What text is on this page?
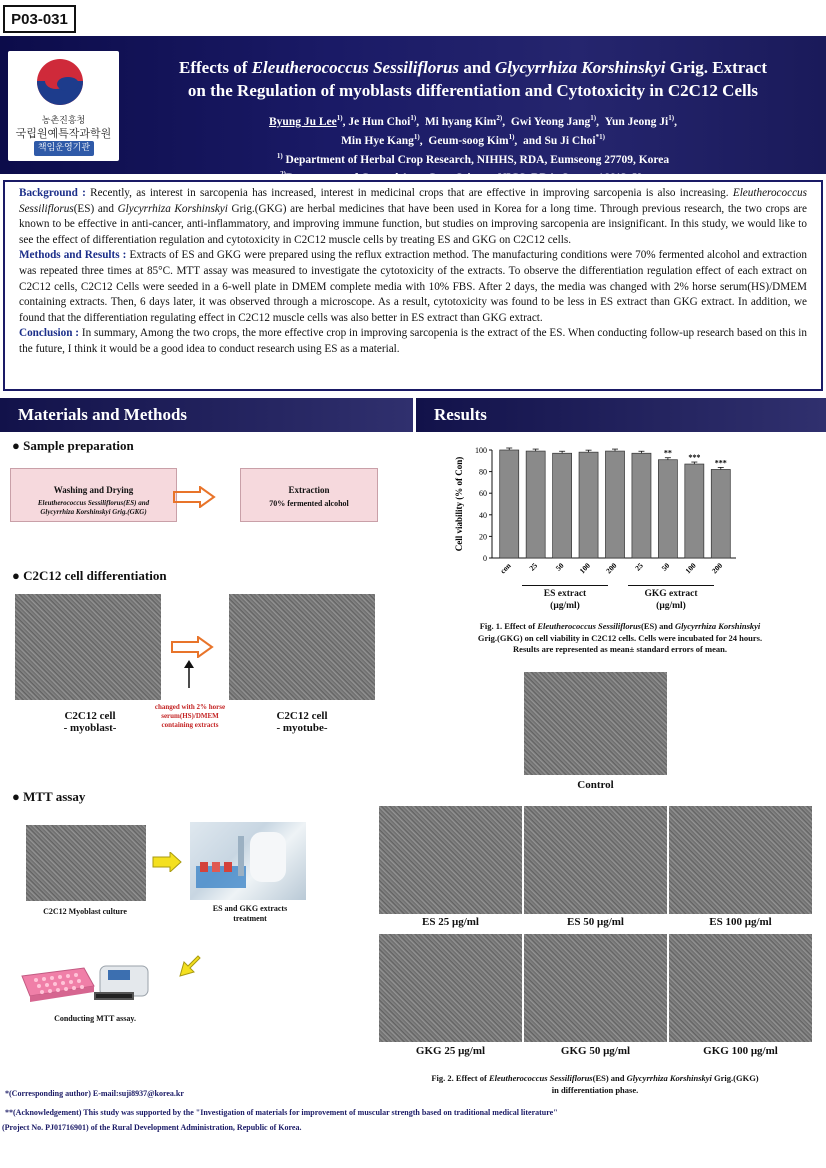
P03-031
농촌진흥청
국립원예특작과학원
책임운영기관
Effects of Eleutherococcus Sessiliflorus and Glycyrrhiza Korshinskyi Grig. Extract
on the Regulation of myoblasts differentiation and Cytotoxicity in C2C12 Cells
Byung Ju Lee$^{1)}$, Je Hun Choi$^{1)}$,  Mi hyang Kim$^{2)}$,  Gwi Yeong Jang$^{1)}$,  Yun Jeong Ji$^{1)}$,
Min Hye Kang$^{1)}$,  Geum-soog Kim$^{1)}$,  and Su Ji Choi$^{*1)}$
$^{1)}$ Department of Herbal Crop Research, NIHHS, RDA, Eumseong 27709, Korea
$^{2)}$Department of Central Area Crop Science, NICS, RDA, Suwon 16613, Korea.

Background : Recently, as interest in sarcopenia has increased, interest in medicinal crops that are effective in improving sarcopenia is also increasing. Eleutherococcus Sessiliflorus(ES) and Glycyrrhiza Korshinskyi Grig.(GKG) are herbal medicines that have been used in Korea for a long time. Through previous research, the two crops are known to be effective in anti-cancer, anti-inflammatory, and improving immune function, but studies on improving sarcopenia are insignificant. In this study, we would like to see the effect of differentiation regulation and cytotoxicity in C2C12 muscle cells by treating ES and GKG on C2C12 cells.

Methods and Results : Extracts of ES and GKG were prepared using the reflux extraction method. The manufacturing conditions were 70% fermented alcohol and extraction was repeated three times at 85°C. MTT assay was measured to investigate the cytotoxicity of the extracts. To observe the differentiation regulation effect of each extract on C2C12 cells, C2C12 Cells were seeded in a 6-well plate in DMEM complete media with 10% FBS. After 2 days, the media was changed with 2% horse serum(HS)/DMEM containing extracts. Then, 6 days later, it was observed through a microscope. As a result, cytotoxicity was found to be less in ES extract than GKG extract. In addition, we found that the differentiation regulating effect in C2C12 muscle cells was also better in ES extract than GKG extract.

Conclusion : In summary, Among the two crops, the more effective crop in improving sarcopenia is the extract of the ES. When conducting follow-up research based on this in the future, I think it would be a good idea to conduct research using ES as a material.

Materials and Methods	Results
● Sample preparation
Washing and Drying
Eleutherococcus Sessiliflorus(ES) and
Glycyrrhiza Korshinskyi Grig.(GKG)
Extraction
70% fermented alcohol
● C2C12 cell differentiation
changed with 2% horse
serum(HS)/DMEM
containing extracts
C2C12 cell
- myoblast-
C2C12 cell
- myotube-
● MTT assay
C2C12 Myoblast culture	ES and GKG extracts
treatment
Conducting MTT assay.
0
20
40
60
80
100
Cell viability (% of Con)
con 25 50 100 200 25
**
50
***
100
***
200
ES extract
(μg/ml)
GKG extract
(μg/ml)
Fig. 1. Effect of Eleutherococcus Sessiliflorus(ES) and Glycyrrhiza Korshinskyi
Grig.(GKG) on cell viability in C2C12 cells. Cells were incubated for 24 hours.
Results are represented as mean± standard errors of mean.
Control
ES 25 μg/ml	ES 50 μg/ml	ES 100 μg/ml
GKG 25 μg/ml	GKG 50 μg/ml	GKG 100 μg/ml
Fig. 2. Effect of Eleutherococcus Sessiliflorus(ES) and Glycyrrhiza Korshinskyi Grig.(GKG)
in differentiation phase.
*(Corresponding author) E-mail:suji8937@korea.kr
**(Acknowledgement) This study was supported by the "Investigation of materials for improvement of muscular strength based on traditional medical literature"
(Project No. PJ01716901) of the Rural Development Administration, Republic of Korea.
